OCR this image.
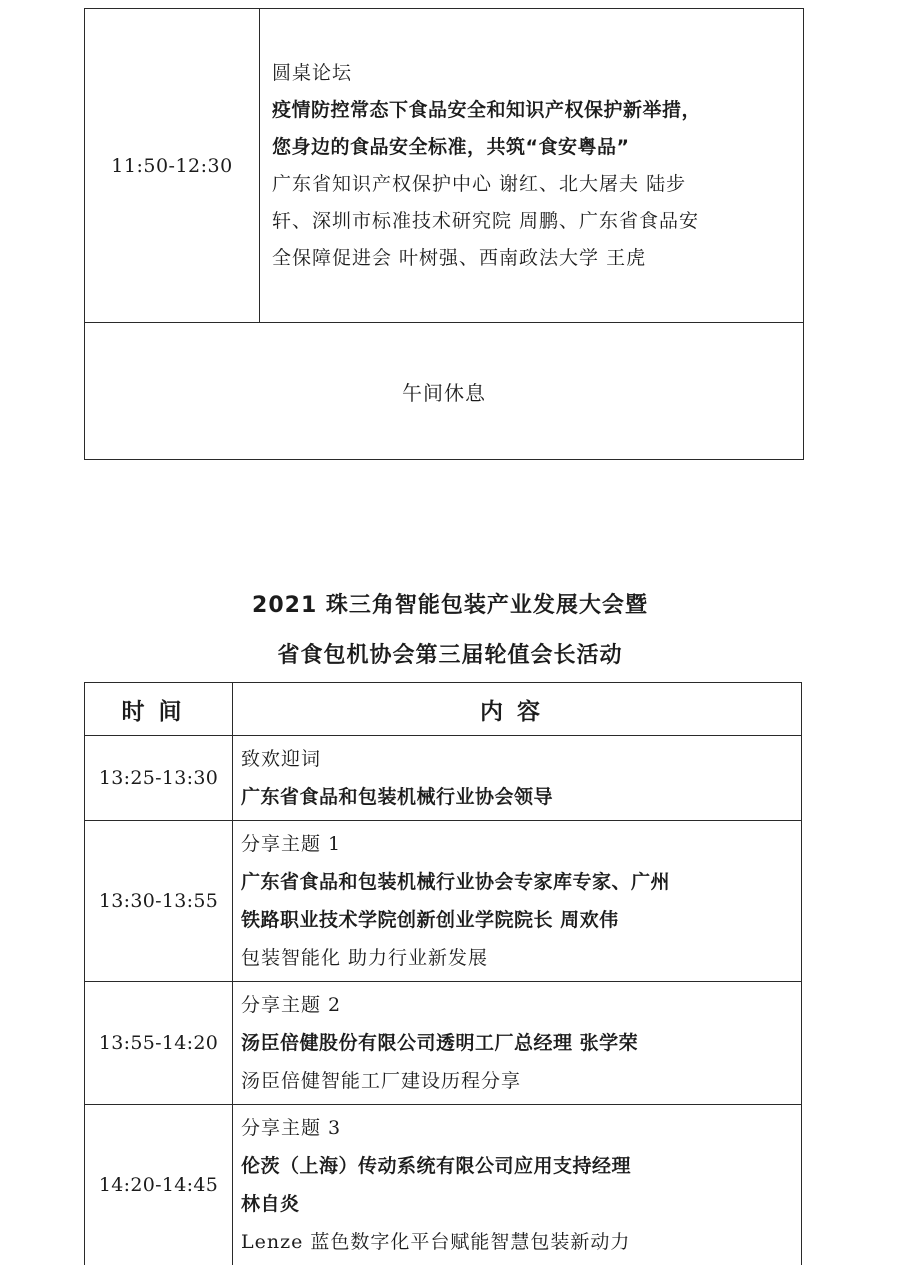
11:50-12:30	
圆桌论坛
疫情防控常态下食品安全和知识产权保护新举措，
您身边的食品安全标准，共筑“食安粤品”
广东省知识产权保护中心 谢红、北大屠夫 陆步
轩、深圳市标准技术研究院 周鹏、广东省食品安
全保障促进会 叶树强、西南政法大学 王虎

午间休息
2021 珠三角智能包装产业发展大会暨
省食包机协会第三届轮值会长活动
时间	内容
13:25-13:30	致欢迎词
广东省食品和包装机械行业协会领导

13:30-13:55	分享主题 1
广东省食品和包装机械行业协会专家库专家、广州
铁路职业技术学院创新创业学院院长 周欢伟
包装智能化 助力行业新发展

13:55-14:20	分享主题 2
汤臣倍健股份有限公司透明工厂总经理 张学荣
汤臣倍健智能工厂建设历程分享

14:20-14:45	分享主题 3
伦茨（上海）传动系统有限公司应用支持经理
林自炎
Lenze 蓝色数字化平台赋能智慧包装新动力
